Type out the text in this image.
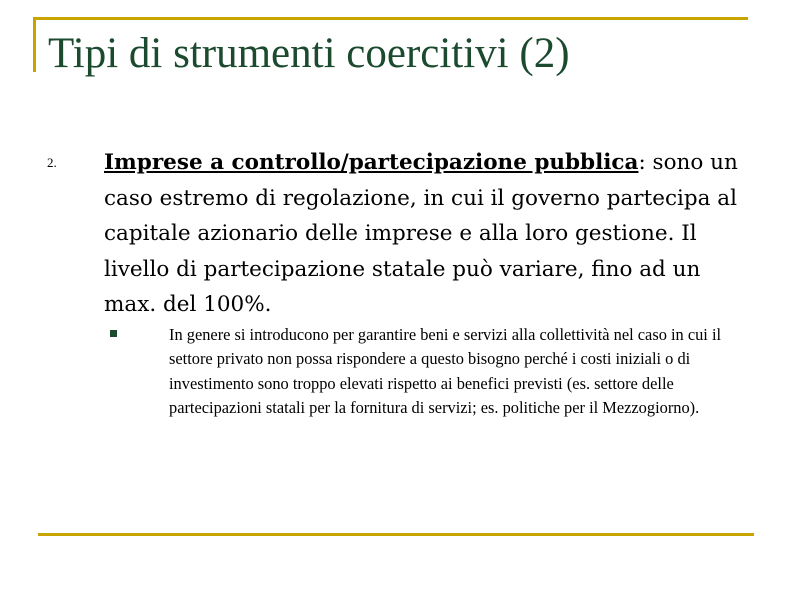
Tipi di strumenti coercitivi (2)
2. Imprese a controllo/partecipazione pubblica: sono un caso estremo di regolazione, in cui il governo partecipa al capitale azionario delle imprese e alla loro gestione. Il livello di partecipazione statale può variare, fino ad un max. del 100%.

In genere si introducono per garantire beni e servizi alla collettività nel caso in cui il settore privato non possa rispondere a questo bisogno perché i costi iniziali o di investimento sono troppo elevati rispetto ai benefici previsti (es. settore delle partecipazioni statali per la fornitura di servizi; es. politiche per il Mezzogiorno).
